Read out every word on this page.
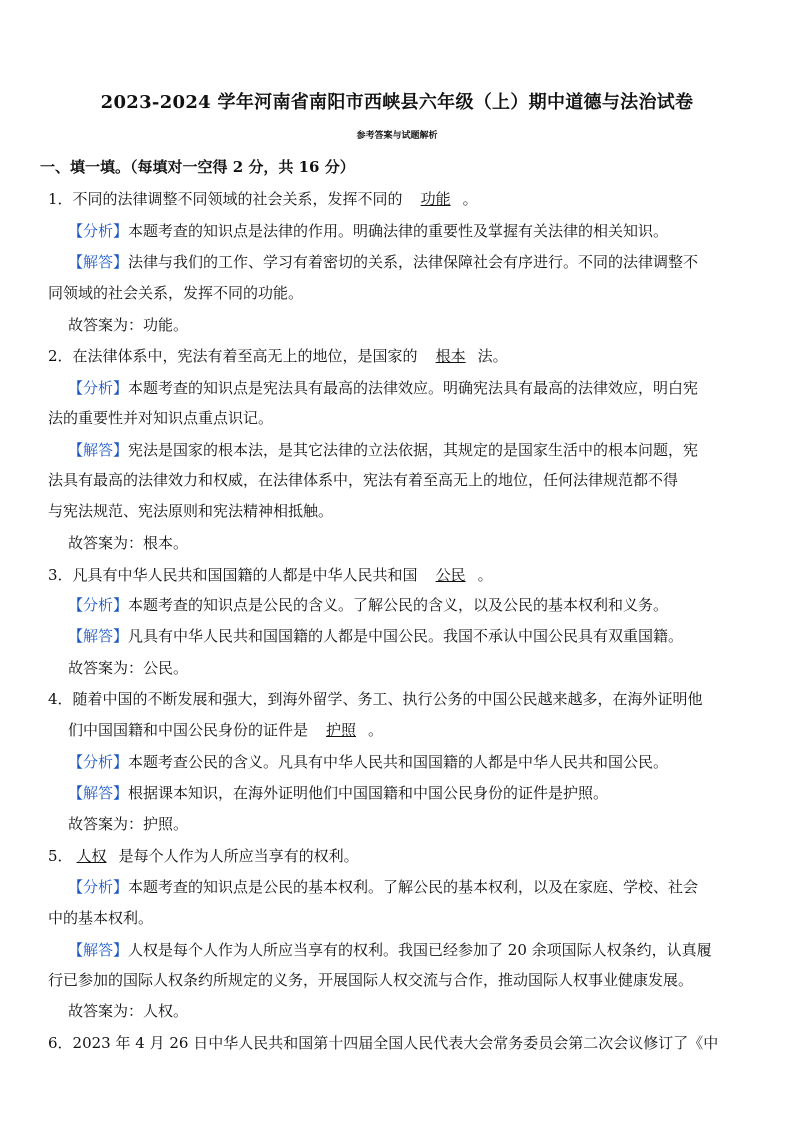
2023-2024 学年河南省南阳市西峡县六年级（上）期中道德与法治试卷
参考答案与试题解析
一、填一填。（每填对一空得 2 分，共 16 分）
1．不同的法律调整不同领域的社会关系，发挥不同的 功能 。
【分析】本题考查的知识点是法律的作用。明确法律的重要性及掌握有关法律的相关知识。
【解答】法律与我们的工作、学习有着密切的关系，法律保障社会有序进行。不同的法律调整不
同领域的社会关系，发挥不同的功能。
故答案为：功能。
2．在法律体系中，宪法有着至高无上的地位，是国家的 根本 法。
【分析】本题考查的知识点是宪法具有最高的法律效应。明确宪法具有最高的法律效应，明白宪
法的重要性并对知识点重点识记。
【解答】宪法是国家的根本法，是其它法律的立法依据，其规定的是国家生活中的根本问题，宪
法具有最高的法律效力和权威，在法律体系中，宪法有着至高无上的地位，任何法律规范都不得
与宪法规范、宪法原则和宪法精神相抵触。
故答案为：根本。
3．凡具有中华人民共和国国籍的人都是中华人民共和国 公民 。
【分析】本题考查的知识点是公民的含义。了解公民的含义，以及公民的基本权利和义务。
【解答】凡具有中华人民共和国国籍的人都是中国公民。我国不承认中国公民具有双重国籍。
故答案为：公民。
4．随着中国的不断发展和强大，到海外留学、务工、执行公务的中国公民越来越多，在海外证明他
们中国国籍和中国公民身份的证件是 护照 。
【分析】本题考查公民的含义。凡具有中华人民共和国国籍的人都是中华人民共和国公民。
【解答】根据课本知识，在海外证明他们中国国籍和中国公民身份的证件是护照。
故答案为：护照。
5． 人权 是每个人作为人所应当享有的权利。
【分析】本题考查的知识点是公民的基本权利。了解公民的基本权利，以及在家庭、学校、社会
中的基本权利。
【解答】人权是每个人作为人所应当享有的权利。我国已经参加了 20 余项国际人权条约，认真履
行已参加的国际人权条约所规定的义务，开展国际人权交流与合作，推动国际人权事业健康发展。
故答案为：人权。
6．2023 年 4 月 26 日中华人民共和国第十四届全国人民代表大会常务委员会第二次会议修订了《中
